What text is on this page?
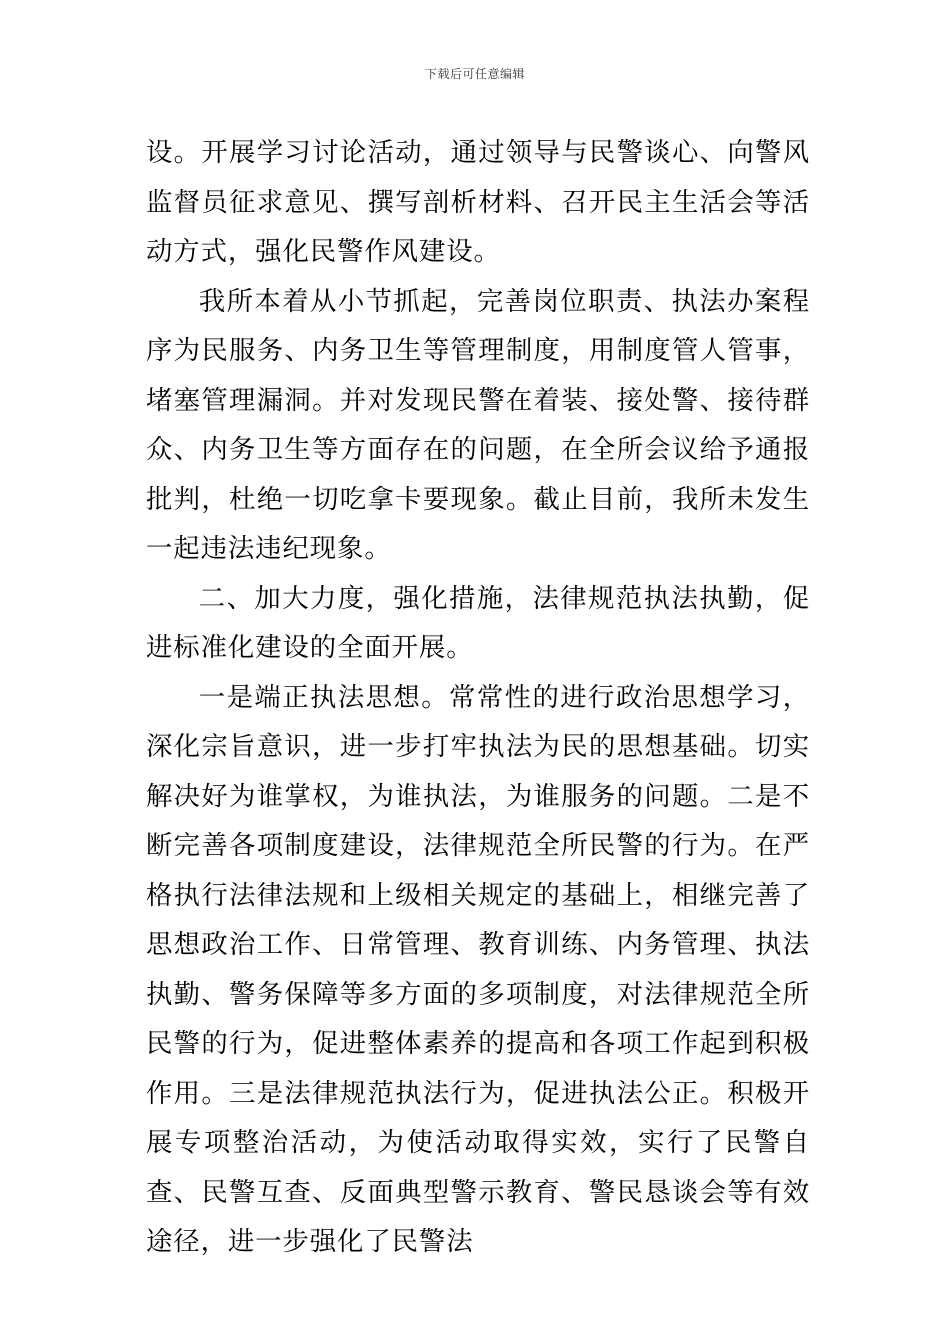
下载后可任意编辑

设。开展学习讨论活动，通过领导与民警谈心、向警风监督员征求意见、撰写剖析材料、召开民主生活会等活动方式，强化民警作风建设。

我所本着从小节抓起，完善岗位职责、执法办案程序为民服务、内务卫生等管理制度，用制度管人管事，堵塞管理漏洞。并对发现民警在着装、接处警、接待群众、内务卫生等方面存在的问题，在全所会议给予通报批判，杜绝一切吃拿卡要现象。截止目前，我所未发生一起违法违纪现象。

二、加大力度，强化措施，法律规范执法执勤，促进标准化建设的全面开展。

一是端正执法思想。常常性的进行政治思想学习，深化宗旨意识，进一步打牢执法为民的思想基础。切实解决好为谁掌权，为谁执法，为谁服务的问题。二是不断完善各项制度建设，法律规范全所民警的行为。在严格执行法律法规和上级相关规定的基础上，相继完善了思想政治工作、日常管理、教育训练、内务管理、执法执勤、警务保障等多方面的多项制度，对法律规范全所民警的行为，促进整体素养的提高和各项工作起到积极作用。三是法律规范执法行为，促进执法公正。积极开展专项整治活动，为使活动取得实效，实行了民警自查、民警互查、反面典型警示教育、警民恳谈会等有效途径，进一步强化了民警法
